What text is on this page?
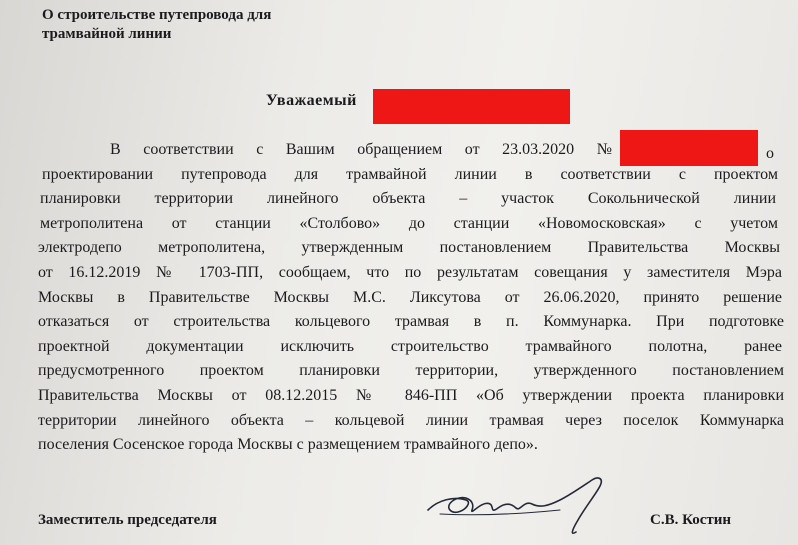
О строительстве путепровода для
трамвайной линии

Уважаемый

В соответствии с Вашим обращением от 23.03.2020 №	о
проектировании путепровода для трамвайной линии в соответствии с проектом
планировки территории линейного объекта – участок Сокольнической линии
метрополитена от станции «Столбово» до станции «Новомосковская» с учетом
электродепо метрополитена, утвержденным постановлением Правительства Москвы
от 16.12.2019 № 1703-ПП, сообщаем, что по результатам совещания у заместителя Мэра
Москвы в Правительстве Москвы М.С. Ликсутова от 26.06.2020, принято решение
отказаться от строительства кольцевого трамвая в п. Коммунарка. При подготовке
проектной документации исключить строительство трамвайного полотна, ранее
предусмотренного проектом планировки территории, утвержденного постановлением
Правительства Москвы от 08.12.2015 № 846-ПП «Об утверждении проекта планировки
территории линейного объекта – кольцевой линии трамвая через поселок Коммунарка
поселения Сосенское города Москвы с размещением трамвайного депо».

Заместитель председателя	С.В. Костин
